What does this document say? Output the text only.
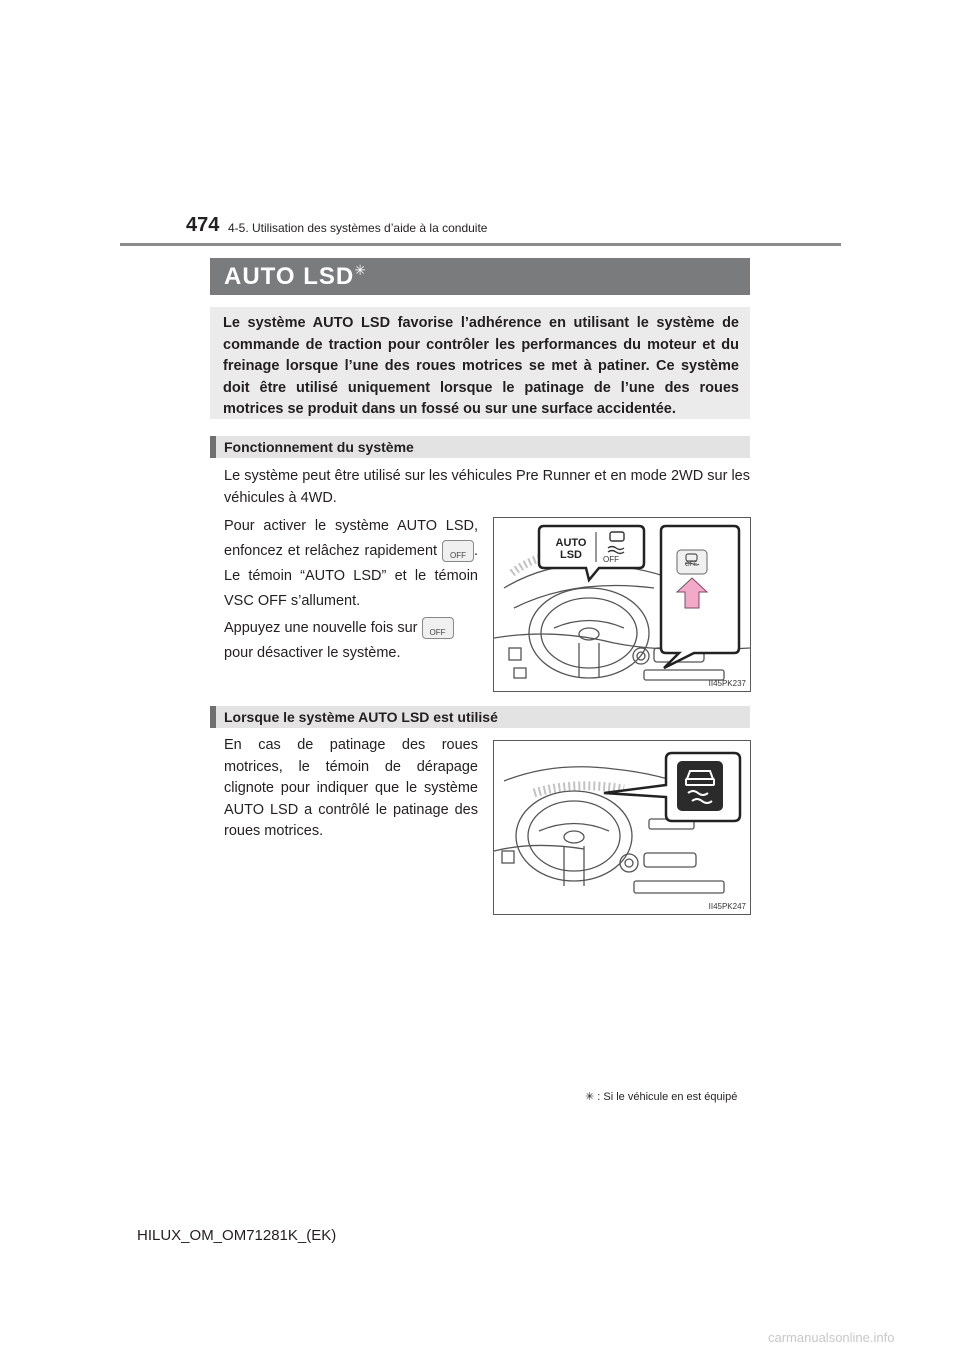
474 4-5. Utilisation des systèmes d’aide à la conduite
AUTO LSD✳
Le système AUTO LSD favorise l’adhérence en utilisant le système de commande de traction pour contrôler les performances du moteur et du freinage lorsque l’une des roues motrices se met à patiner. Ce système doit être utilisé uniquement lorsque le patinage de l’une des roues motrices se produit dans un fossé ou sur une surface accidentée.
Fonctionnement du système
Le système peut être utilisé sur les véhicules Pre Runner et en mode 2WD sur les véhicules à 4WD.
Pour activer le système AUTO LSD, enfoncez et relâchez rapidement	OFF . Le témoin “AUTO LSD” et le témoin VSC OFF s’allument.
Appuyez une nouvelle fois sur	OFF
pour désactiver le système.
AUTO
LSD	OFF
OFF
II45PK237
Lorsque le système AUTO LSD est utilisé
En cas de patinage des roues motrices, le témoin de dérapage clignote pour indiquer que le système AUTO LSD a contrôlé le patinage des roues motrices.
II45PK247
✳ : Si le véhicule en est équipé
HILUX_OM_OM71281K_(EK)
carmanualsonline.info
